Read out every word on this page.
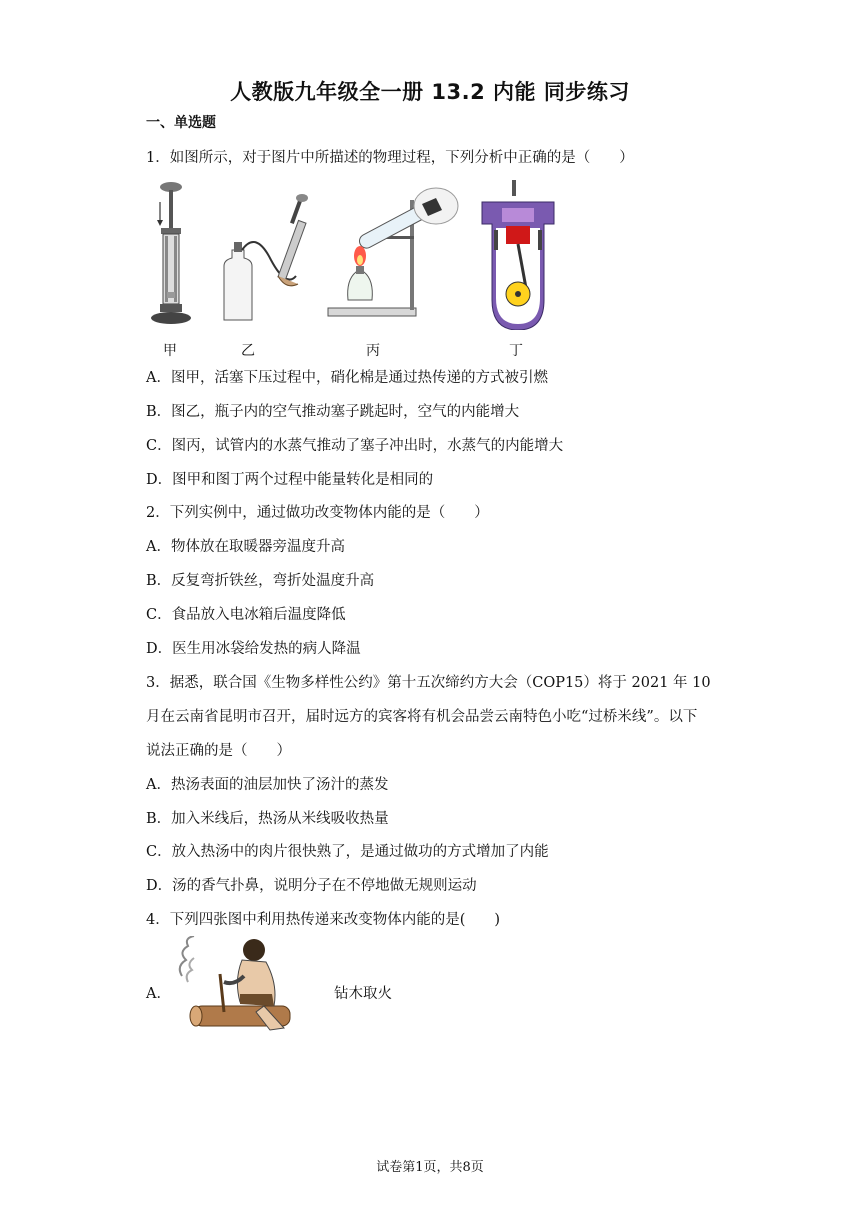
人教版九年级全一册 13.2 内能 同步练习
一、单选题
1．如图所示，对于图片中所描述的物理过程，下列分析中正确的是（　　）
甲	乙	丙	丁
A．图甲，活塞下压过程中，硝化棉是通过热传递的方式被引燃
B．图乙，瓶子内的空气推动塞子跳起时，空气的内能增大
C．图丙，试管内的水蒸气推动了塞子冲出时，水蒸气的内能增大
D．图甲和图丁两个过程中能量转化是相同的
2．下列实例中，通过做功改变物体内能的是（　　）
A．物体放在取暖器旁温度升高
B．反复弯折铁丝，弯折处温度升高
C．食品放入电冰箱后温度降低
D．医生用冰袋给发热的病人降温
3．据悉，联合国《生物多样性公约》第十五次缔约方大会（COP15）将于 2021 年 10
月在云南省昆明市召开，届时远方的宾客将有机会品尝云南特色小吃“过桥米线”。以下
说法正确的是（　　）
A．热汤表面的油层加快了汤汁的蒸发
B．加入米线后，热汤从米线吸收热量
C．放入热汤中的肉片很快熟了，是通过做功的方式增加了内能
D．汤的香气扑鼻，说明分子在不停地做无规则运动
4．下列四张图中利用热传递来改变物体内能的是(　　)
A．	钻木取火
试卷第1页，共8页
